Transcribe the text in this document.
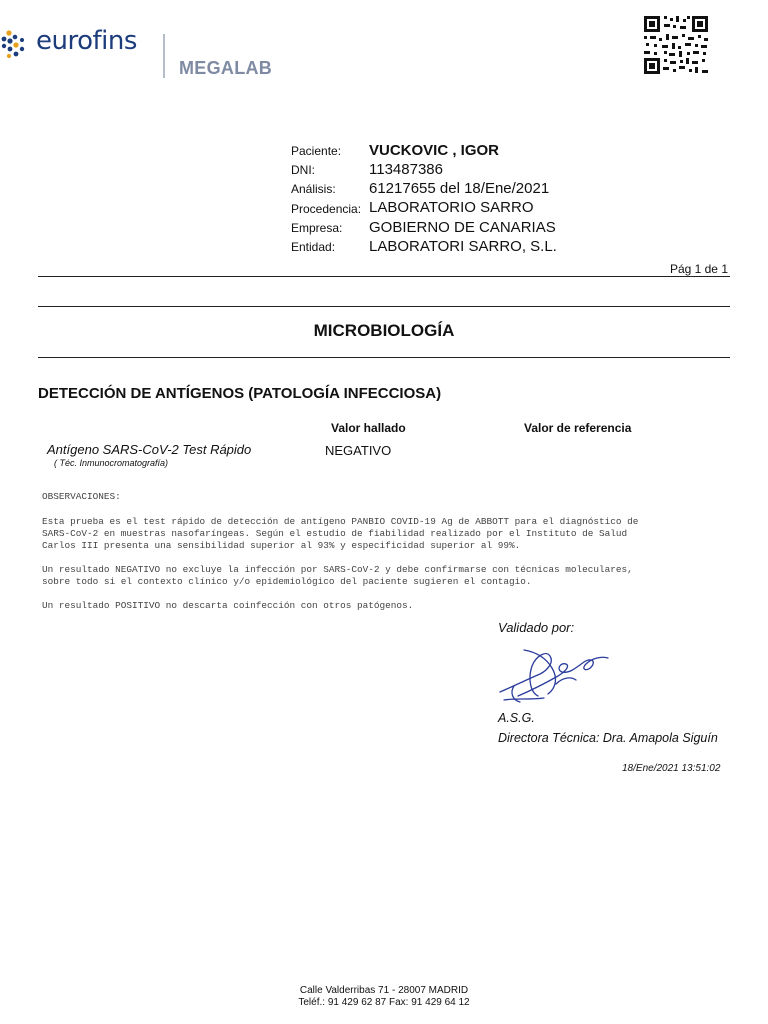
eurofins
MEGALAB
Paciente: VUCKOVIC , IGOR
DNI:	113487386
Análisis: 61217655 del 18/Ene/2021
Procedencia: LABORATORIO SARRO
Empresa: GOBIERNO DE CANARIAS
Entidad: LABORATORI SARRO, S.L.
Pág 1 de 1
MICROBIOLOGÍA
DETECCIÓN DE ANTÍGENOS (PATOLOGÍA INFECCIOSA)
Valor hallado	Valor de referencia
Antígeno SARS-CoV-2 Test Rápido
( Téc. Inmunocromatografía)
NEGATIVO
OBSERVACIONES:
Esta prueba es el test rápido de detección de antígeno PANBIO COVID-19 Ag de ABBOTT para el diagnóstico de
SARS-CoV-2 en muestras nasofaríngeas. Según el estudio de fiabilidad realizado por el Instituto de Salud
Carlos III presenta una sensibilidad superior al 93% y especificidad superior al 99%.
Un resultado NEGATIVO no excluye la infección por SARS-CoV-2 y debe confirmarse con técnicas moleculares,
sobre todo si el contexto clínico y/o epidemiológico del paciente sugieren el contagio.
Un resultado POSITIVO no descarta coinfección con otros patógenos.
Validado por:
A.S.G.
Directora Técnica: Dra. Amapola Siguín
18/Ene/2021 13:51:02
Calle Valderribas 71 - 28007 MADRID
Teléf.: 91 429 62 87 Fax: 91 429 64 12
